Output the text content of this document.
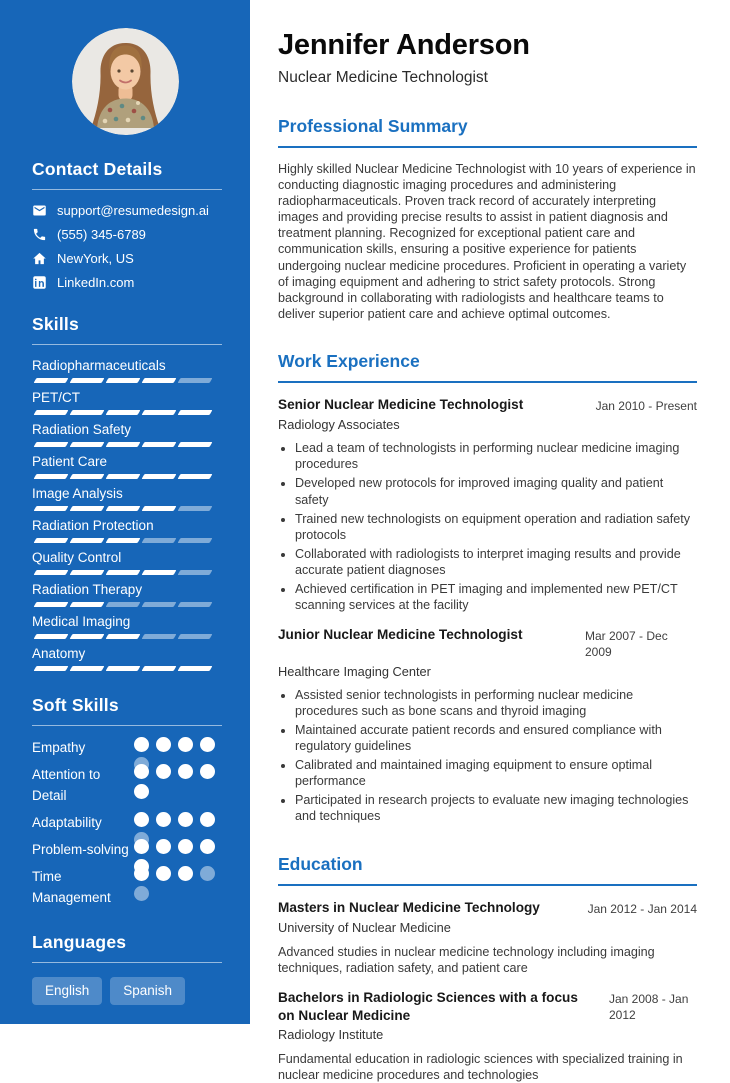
Contact Details
support@resumedesign.ai
(555) 345-6789
NewYork, US
LinkedIn.com
Skills
Radiopharmaceuticals
PET/CT
Radiation Safety
Patient Care
Image Analysis
Radiation Protection
Quality Control
Radiation Therapy
Medical Imaging
Anatomy
Soft Skills
Empathy
Attention to Detail
Adaptability
Problem-solving
Time Management
Languages
English	Spanish
Jennifer Anderson
Nuclear Medicine Technologist
Professional Summary

Highly skilled Nuclear Medicine Technologist with 10 years of experience in conducting diagnostic imaging procedures and administering radiopharmaceuticals. Proven track record of accurately interpreting images and providing precise results to assist in patient diagnosis and treatment planning. Recognized for exceptional patient care and communication skills, ensuring a positive experience for patients undergoing nuclear medicine procedures. Proficient in operating a variety of imaging equipment and adhering to strict safety protocols. Strong background in collaborating with radiologists and healthcare teams to deliver superior patient care and achieve optimal outcomes.

Work Experience
Senior Nuclear Medicine Technologist	Jan 2010 - Present
Radiology Associates
• Lead a team of technologists in performing nuclear medicine imaging procedures
• Developed new protocols for improved imaging quality and patient safety
• Trained new technologists on equipment operation and radiation safety protocols
• Collaborated with radiologists to interpret imaging results and provide accurate patient diagnoses
• Achieved certification in PET imaging and implemented new PET/CT scanning services at the facility
Junior Nuclear Medicine Technologist	Mar 2007 - Dec 2009
Healthcare Imaging Center
• Assisted senior technologists in performing nuclear medicine procedures such as bone scans and thyroid imaging
• Maintained accurate patient records and ensured compliance with regulatory guidelines
• Calibrated and maintained imaging equipment to ensure optimal performance
• Participated in research projects to evaluate new imaging technologies and techniques
Education
Masters in Nuclear Medicine Technology	Jan 2012 - Jan 2014
University of Nuclear Medicine
Advanced studies in nuclear medicine technology including imaging techniques, radiation safety, and patient care
Bachelors in Radiologic Sciences with a focus on Nuclear Medicine
Jan 2008 - Jan 2012
Radiology Institute
Fundamental education in radiologic sciences with specialized training in nuclear medicine procedures and technologies
